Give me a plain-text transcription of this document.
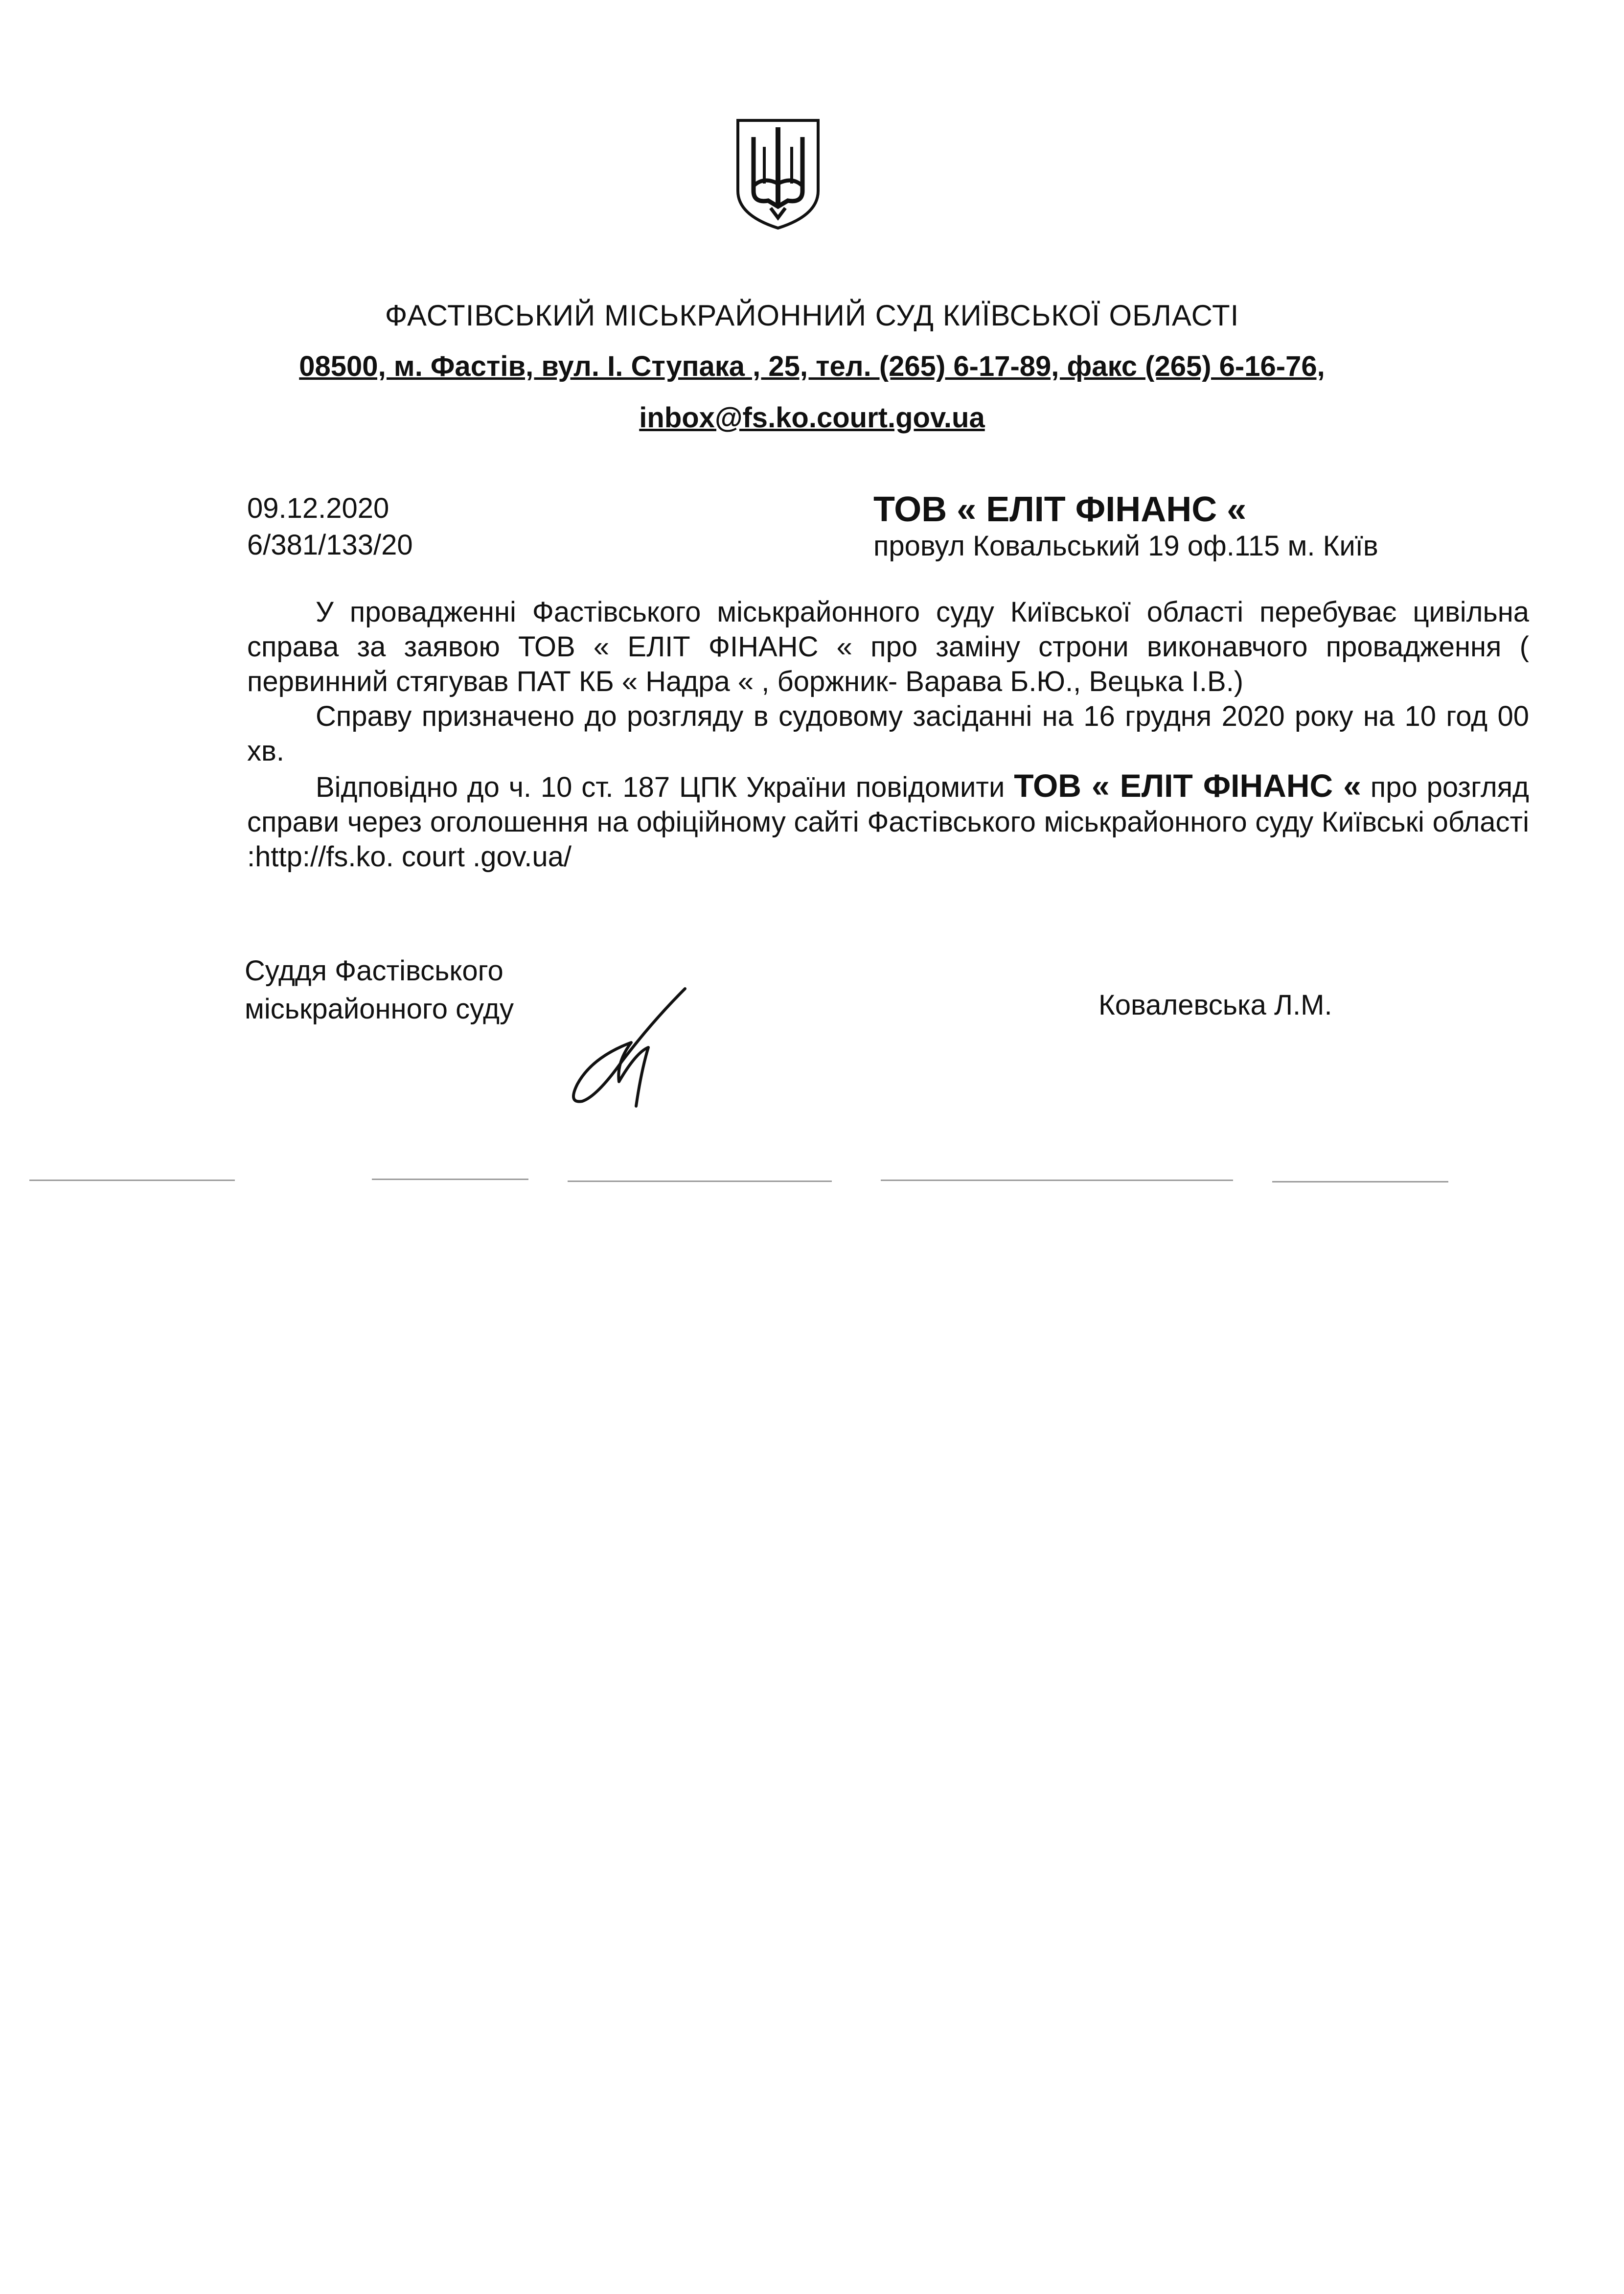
ФАСТІВСЬКИЙ МІСЬКРАЙОННИЙ СУД КИЇВСЬКОЇ ОБЛАСТІ
08500, м. Фастів, вул. І. Ступака , 25, тел. (265) 6-17-89, факс (265) 6-16-76,
inbox@fs.ko.court.gov.ua
09.12.2020
6/381/133/20
ТОВ « ЕЛІТ ФІНАНС «
провул Ковальський 19 оф.115 м. Київ

У провадженні Фастівського міськрайонного суду Київської області перебуває цивільна справа за заявою ТОВ « ЕЛІТ ФІНАНС « про заміну строни виконавчого провадження ( первинний стягував ПАТ КБ « Надра « , боржник- Варава Б.Ю., Вецька І.В.)

Справу призначено до розгляду в судовому засіданні на 16 грудня 2020 року на 10 год 00 хв.

Відповідно до ч. 10 ст. 187 ЦПК України повідомити ТОВ « ЕЛІТ ФІНАНС « про розгляд справи через оголошення на офіційному сайті Фастівського міськрайонного суду Київські області :http://fs.ko. court .gov.ua/

Суддя Фастівського
міськрайонного суду	Ковалевська Л.М.
